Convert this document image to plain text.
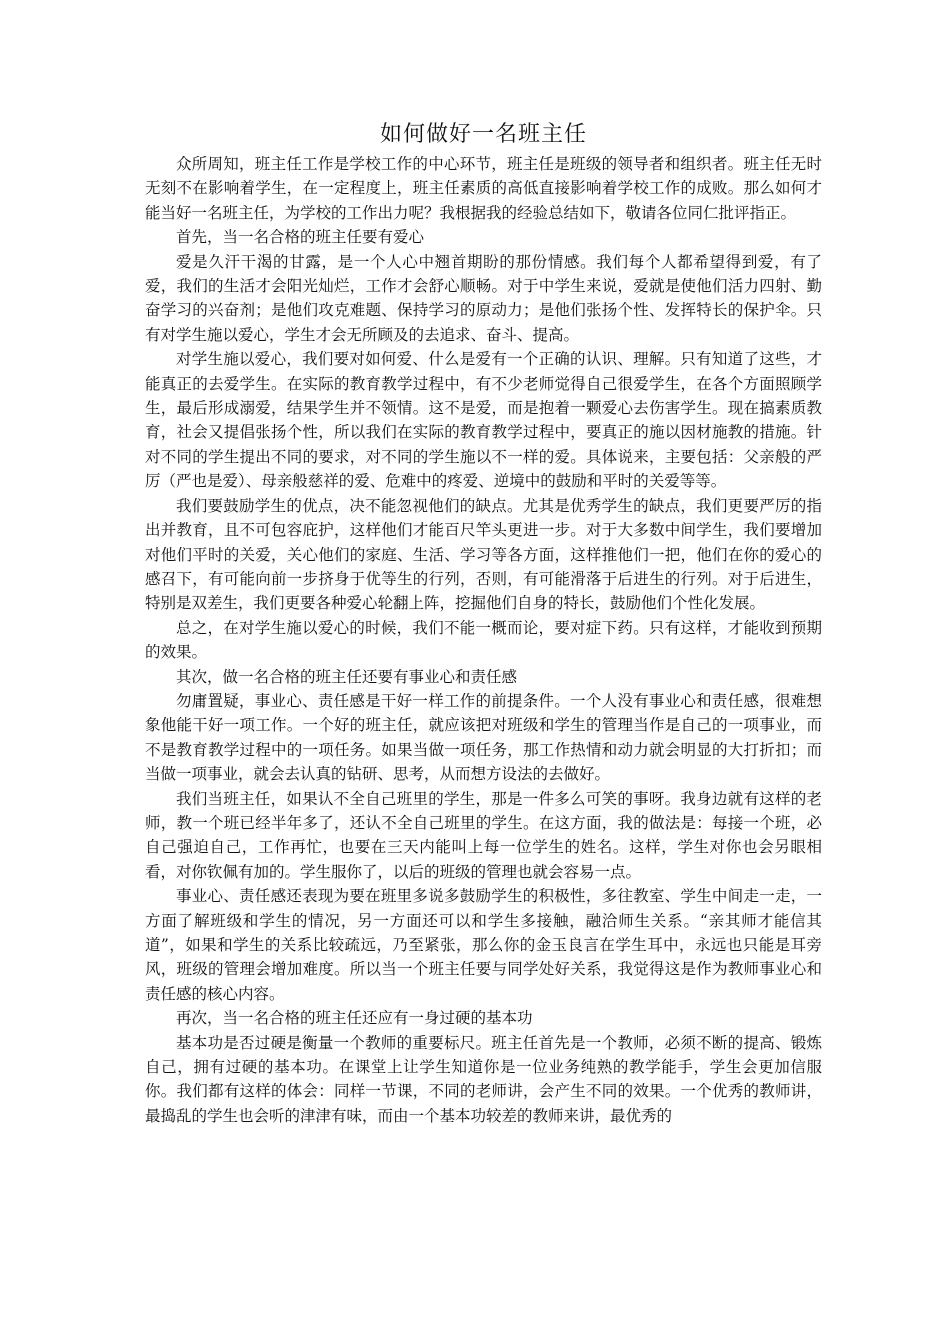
如何做好一名班主任

众所周知，班主任工作是学校工作的中心环节，班主任是班级的领导者和组织者。班主任无时无刻不在影响着学生，在一定程度上，班主任素质的高低直接影响着学校工作的成败。那么如何才能当好一名班主任，为学校的工作出力呢？我根据我的经验总结如下，敬请各位同仁批评指正。

首先，当一名合格的班主任要有爱心

爱是久汗干渴的甘露，是一个人心中翘首期盼的那份情感。我们每个人都希望得到爱，有了爱，我们的生活才会阳光灿烂，工作才会舒心顺畅。对于中学生来说，爱就是使他们活力四射、勤奋学习的兴奋剂；是他们攻克难题、保持学习的原动力；是他们张扬个性、发挥特长的保护伞。只有对学生施以爱心，学生才会无所顾及的去追求、奋斗、提高。

对学生施以爱心，我们要对如何爱、什么是爱有一个正确的认识、理解。只有知道了这些，才能真正的去爱学生。在实际的教育教学过程中，有不少老师觉得自己很爱学生，在各个方面照顾学生，最后形成溺爱，结果学生并不领情。这不是爱，而是抱着一颗爱心去伤害学生。现在搞素质教育，社会又提倡张扬个性，所以我们在实际的教育教学过程中，要真正的施以因材施教的措施。针对不同的学生提出不同的要求，对不同的学生施以不一样的爱。具体说来，主要包括：父亲般的严厉（严也是爱）、母亲般慈祥的爱、危难中的疼爱、逆境中的鼓励和平时的关爱等等。

我们要鼓励学生的优点，决不能忽视他们的缺点。尤其是优秀学生的缺点，我们更要严厉的指出并教育，且不可包容庇护，这样他们才能百尺竿头更进一步。对于大多数中间学生，我们要增加对他们平时的关爱，关心他们的家庭、生活、学习等各方面，这样推他们一把，他们在你的爱心的感召下，有可能向前一步挤身于优等生的行列，否则，有可能滑落于后进生的行列。对于后进生，特别是双差生，我们更要各种爱心轮翻上阵，挖掘他们自身的特长，鼓励他们个性化发展。

总之，在对学生施以爱心的时候，我们不能一概而论，要对症下药。只有这样，才能收到预期的效果。

其次，做一名合格的班主任还要有事业心和责任感

勿庸置疑，事业心、责任感是干好一样工作的前提条件。一个人没有事业心和责任感，很难想象他能干好一项工作。一个好的班主任，就应该把对班级和学生的管理当作是自己的一项事业，而不是教育教学过程中的一项任务。如果当做一项任务，那工作热情和动力就会明显的大打折扣；而当做一项事业，就会去认真的钻研、思考，从而想方设法的去做好。

我们当班主任，如果认不全自己班里的学生，那是一件多么可笑的事呀。我身边就有这样的老师，教一个班已经半年多了，还认不全自己班里的学生。在这方面，我的做法是：每接一个班，必自己强迫自己，工作再忙，也要在三天内能叫上每一位学生的姓名。这样，学生对你也会另眼相看，对你钦佩有加的。学生服你了，以后的班级的管理也就会容易一点。

事业心、责任感还表现为要在班里多说多鼓励学生的积极性，多往教室、学生中间走一走，一方面了解班级和学生的情况，另一方面还可以和学生多接触，融洽师生关系。“亲其师才能信其道”，如果和学生的关系比较疏远，乃至紧张，那么你的金玉良言在学生耳中，永远也只能是耳旁风，班级的管理会增加难度。所以当一个班主任要与同学处好关系，我觉得这是作为教师事业心和责任感的核心内容。

再次，当一名合格的班主任还应有一身过硬的基本功

基本功是否过硬是衡量一个教师的重要标尺。班主任首先是一个教师，必须不断的提高、锻炼自己，拥有过硬的基本功。在课堂上让学生知道你是一位业务纯熟的教学能手，学生会更加信服你。我们都有这样的体会：同样一节课，不同的老师讲，会产生不同的效果。一个优秀的教师讲，最捣乱的学生也会听的津津有味，而由一个基本功较差的教师来讲，最优秀的
